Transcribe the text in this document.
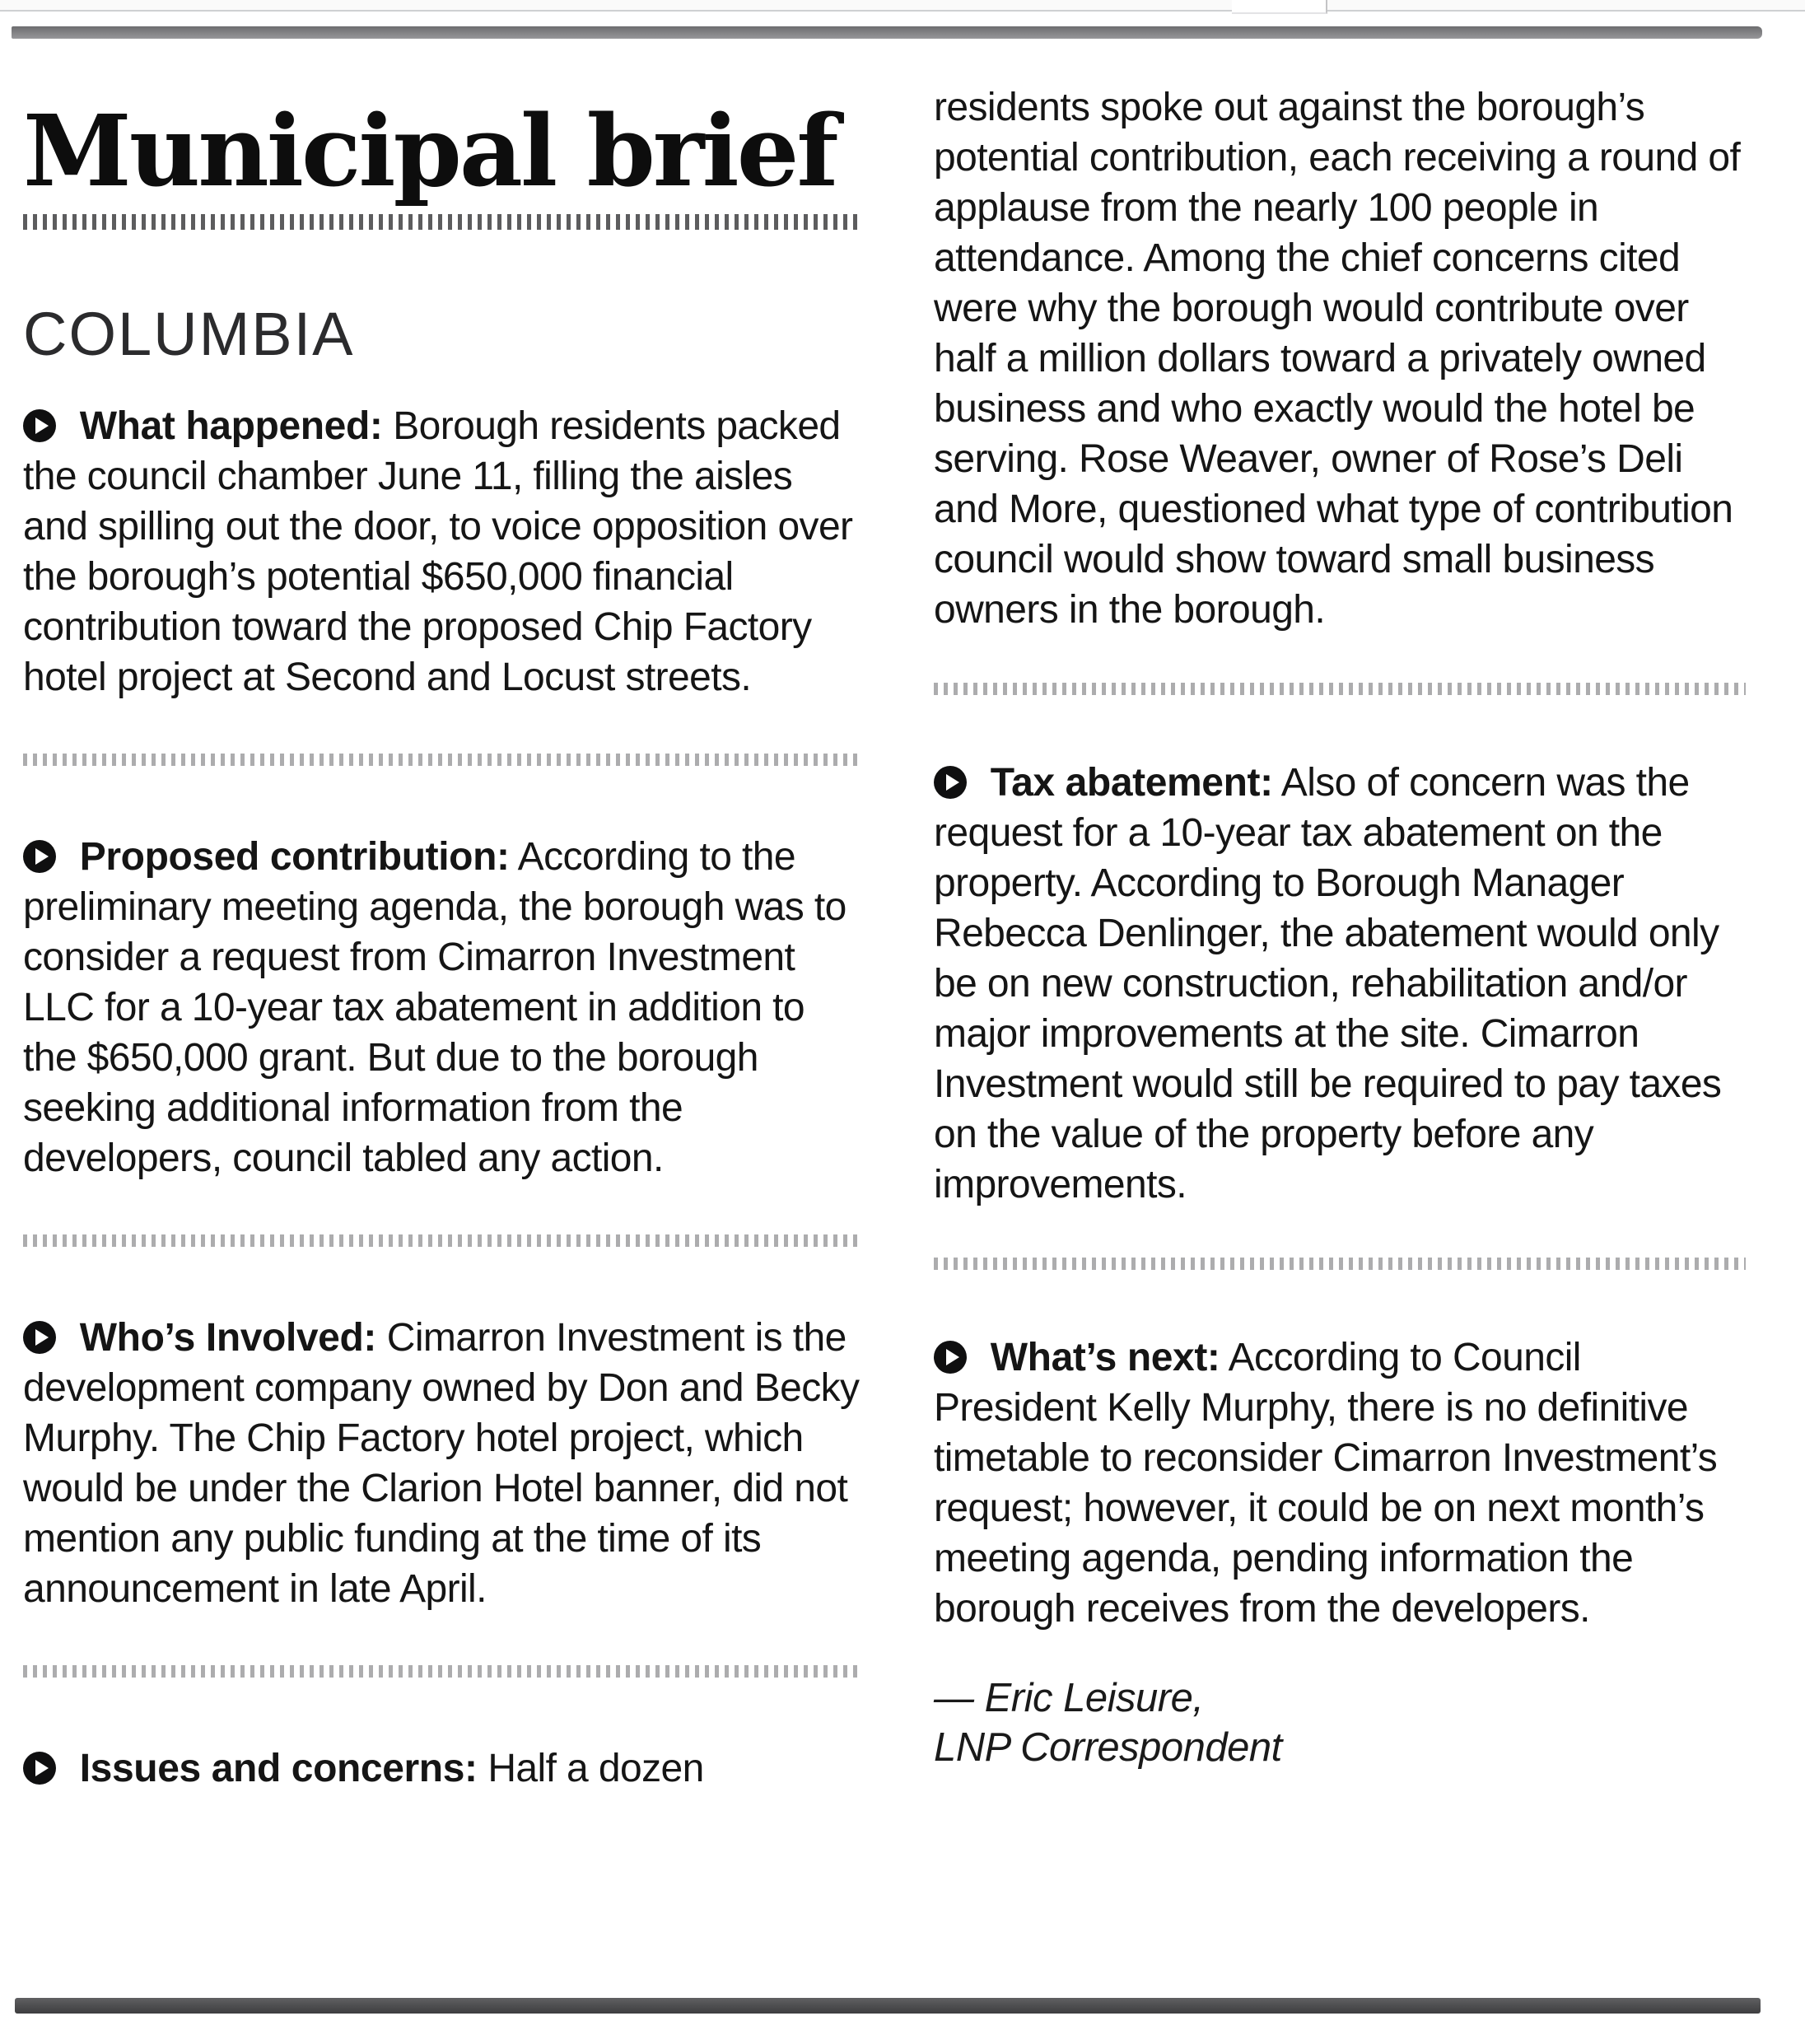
Municipal brief
COLUMBIA

What happened: Borough residents packed the council chamber June 11, filling the aisles and spilling out the door, to voice opposition over the borough’s potential $650,000 financial contribution toward the proposed Chip Factory hotel project at Second and Locust streets.

Proposed contribution: According to the preliminary meeting agenda, the borough was to consider a request from Cimarron Investment LLC for a 10-year tax abatement in addition to the $650,000 grant. But due to the borough seeking additional information from the developers, council tabled any action.

Who’s Involved: Cimarron Investment is the development company owned by Don and Becky Murphy. The Chip Factory hotel project, which would be under the Clarion Hotel banner, did not mention any public funding at the time of its announcement in late April.

Issues and concerns: Half a dozen

residents spoke out against the borough’s potential contribution, each receiving a round of applause from the nearly 100 people in attendance. Among the chief concerns cited were why the borough would contribute over half a million dollars toward a privately owned business and who exactly would the hotel be serving. Rose Weaver, owner of Rose’s Deli and More, questioned what type of contribution council would show toward small business owners in the borough.

Tax abatement: Also of concern was the request for a 10-year tax abatement on the property. According to Borough Manager Rebecca Denlinger, the abatement would only be on new construction, rehabilitation and/or major improvements at the site. Cimarron Investment would still be required to pay taxes on the value of the property before any improvements.

What’s next: According to Council President Kelly Murphy, there is no definitive timetable to reconsider Cimarron Investment’s request; however, it could be on next month’s meeting agenda, pending information the borough receives from the developers.

— Eric Leisure,
LNP Correspondent
